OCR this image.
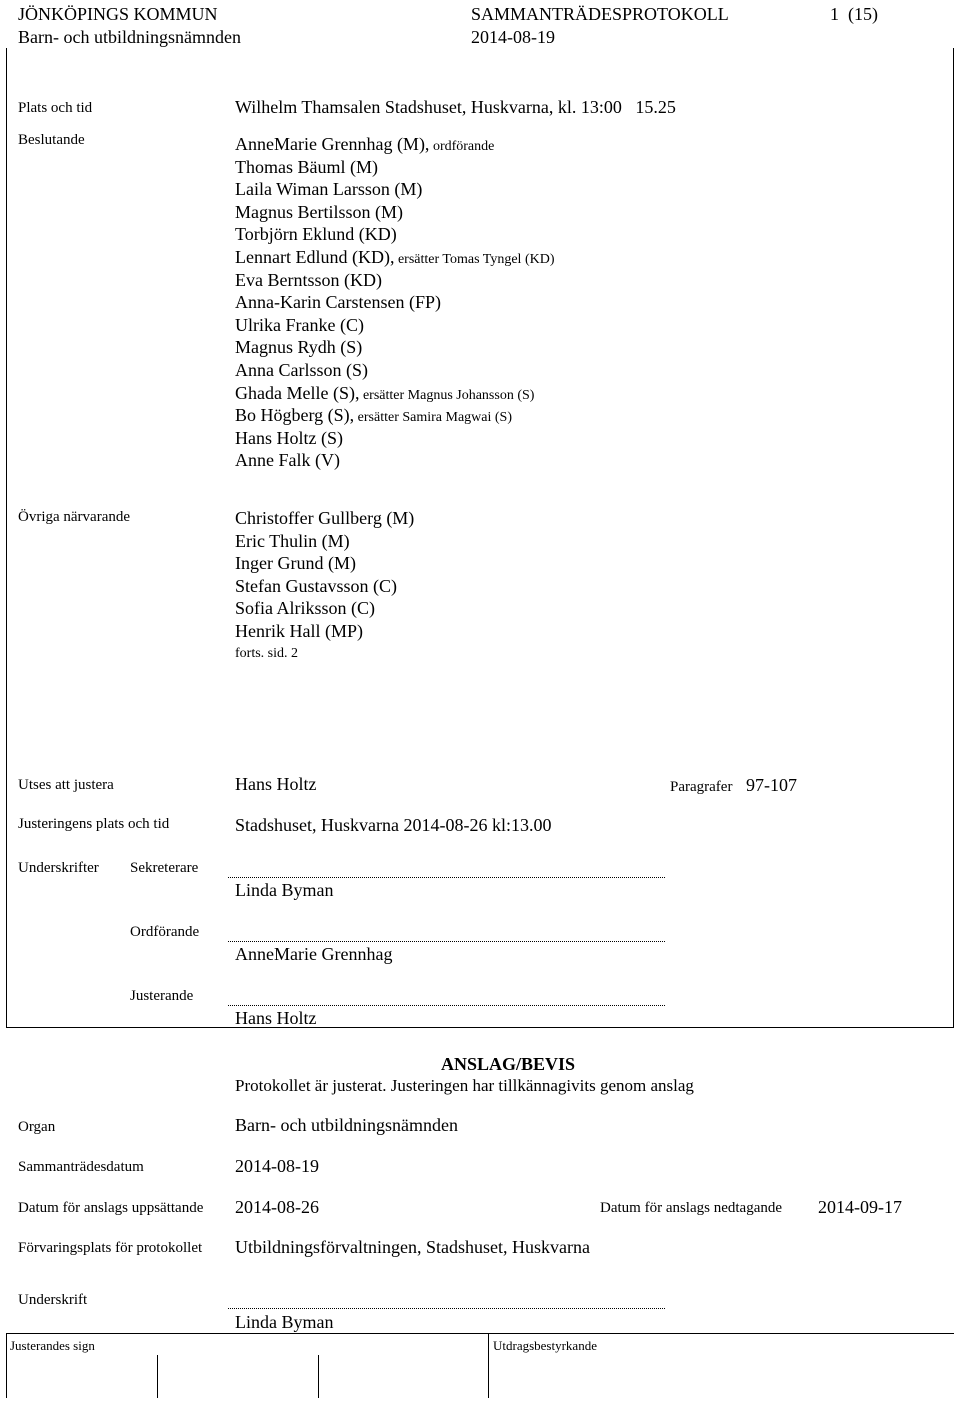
JÖNKÖPINGS KOMMUN
Barn- och utbildningsnämnden
SAMMANTRÄDESPROTOKOLL
2014-08-19
1  (15)
Plats och tid	Wilhelm Thamsalen Stadshuset, Huskvarna, kl. 13:00   15.25
Beslutande	AnneMarie Grennhag (M), ordförande
Thomas Bäuml (M)
Laila Wiman Larsson (M)
Magnus Bertilsson (M)
Torbjörn Eklund (KD)
Lennart Edlund (KD), ersätter Tomas Tyngel (KD)
Eva Berntsson (KD)
Anna-Karin Carstensen (FP)
Ulrika Franke (C)
Magnus Rydh (S)
Anna Carlsson (S)
Ghada Melle (S), ersätter Magnus Johansson (S)
Bo Högberg (S), ersätter Samira Magwai (S)
Hans Holtz (S)
Anne Falk (V)
Övriga närvarande	Christoffer Gullberg (M)
Eric Thulin (M)
Inger Grund (M)
Stefan Gustavsson (C)
Sofia Alriksson (C)
Henrik Hall (MP)
forts. sid. 2
Utses att justera	Hans Holtz	Paragrafer 97-107
Justeringens plats och tid	Stadshuset, Huskvarna 2014-08-26 kl:13.00
Underskrifter Sekreterare
Linda Byman
Ordförande
AnneMarie Grennhag
Justerande
Hans Holtz
ANSLAG/BEVIS
Protokollet är justerat. Justeringen har tillkännagivits genom anslag
Organ	Barn- och utbildningsnämnden
Sammanträdesdatum	2014-08-19
Datum för anslags uppsättande 2014-08-26	Datum för anslags nedtagande 2014-09-17
Förvaringsplats för protokollet Utbildningsförvaltningen, Stadshuset, Huskvarna
Underskrift
Linda Byman
Justerandes sign	Utdragsbestyrkande
